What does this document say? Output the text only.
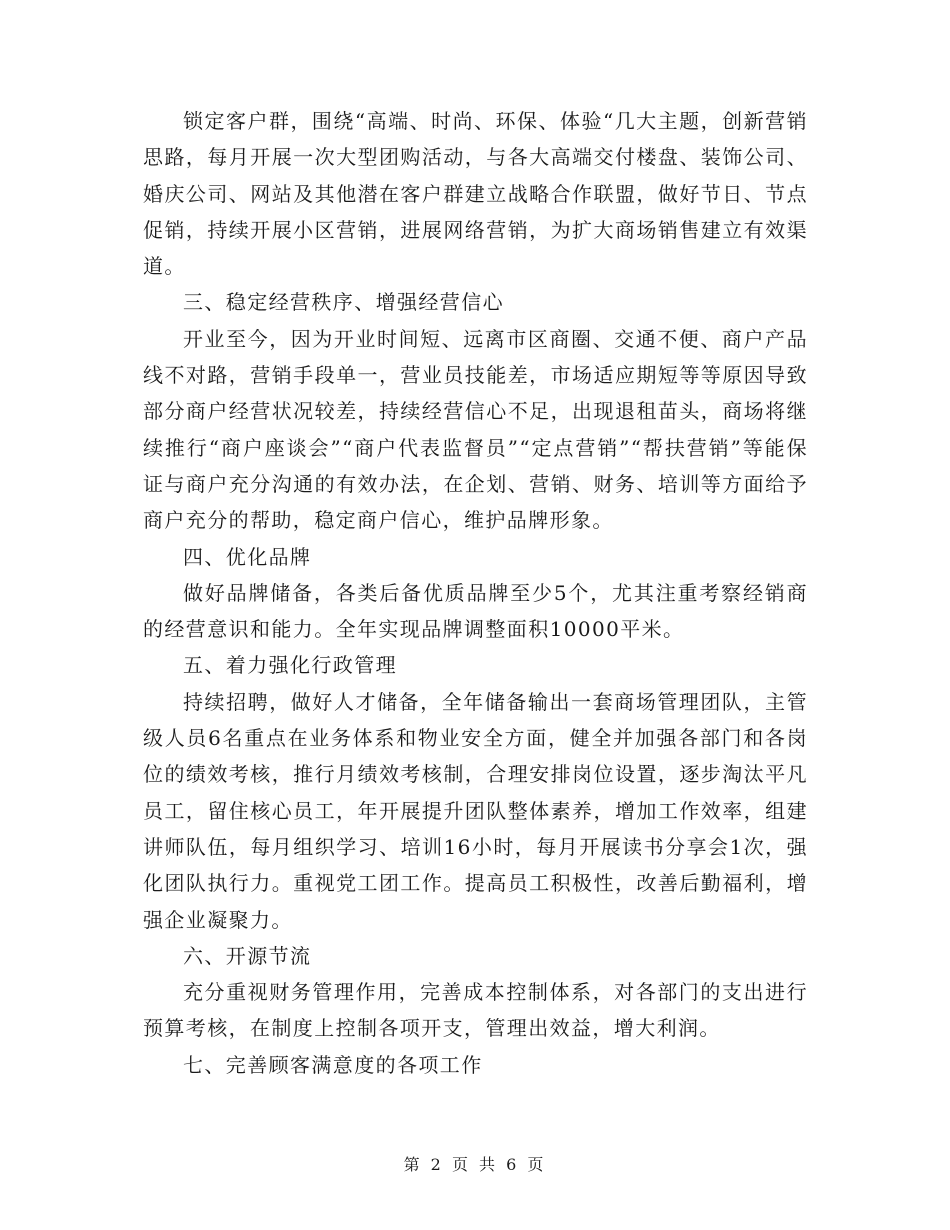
锁定客户群，围绕“高端、时尚、环保、体验“几大主题，创新营销思路，每月开展一次大型团购活动，与各大高端交付楼盘、装饰公司、婚庆公司、网站及其他潜在客户群建立战略合作联盟，做好节日、节点促销，持续开展小区营销，进展网络营销，为扩大商场销售建立有效渠道。

三、稳定经营秩序、增强经营信心

开业至今，因为开业时间短、远离市区商圈、交通不便、商户产品线不对路，营销手段单一，营业员技能差，市场适应期短等等原因导致部分商户经营状况较差，持续经营信心不足，出现退租苗头，商场将继续推行“商户座谈会”“商户代表监督员”“定点营销”“帮扶营销”等能保证与商户充分沟通的有效办法，在企划、营销、财务、培训等方面给予商户充分的帮助，稳定商户信心，维护品牌形象。

四、优化品牌

做好品牌储备，各类后备优质品牌至少5个，尤其注重考察经销商的经营意识和能力。全年实现品牌调整面积10000平米。

五、着力强化行政管理

持续招聘，做好人才储备，全年储备输出一套商场管理团队，主管级人员6名重点在业务体系和物业安全方面，健全并加强各部门和各岗位的绩效考核，推行月绩效考核制，合理安排岗位设置，逐步淘汰平凡员工，留住核心员工，年开展提升团队整体素养，增加工作效率，组建讲师队伍，每月组织学习、培训16小时，每月开展读书分享会1次，强化团队执行力。重视党工团工作。提高员工积极性，改善后勤福利，增强企业凝聚力。

六、开源节流

充分重视财务管理作用，完善成本控制体系，对各部门的支出进行预算考核，在制度上控制各项开支，管理出效益，增大利润。

七、完善顾客满意度的各项工作

第 2 页 共 6 页
